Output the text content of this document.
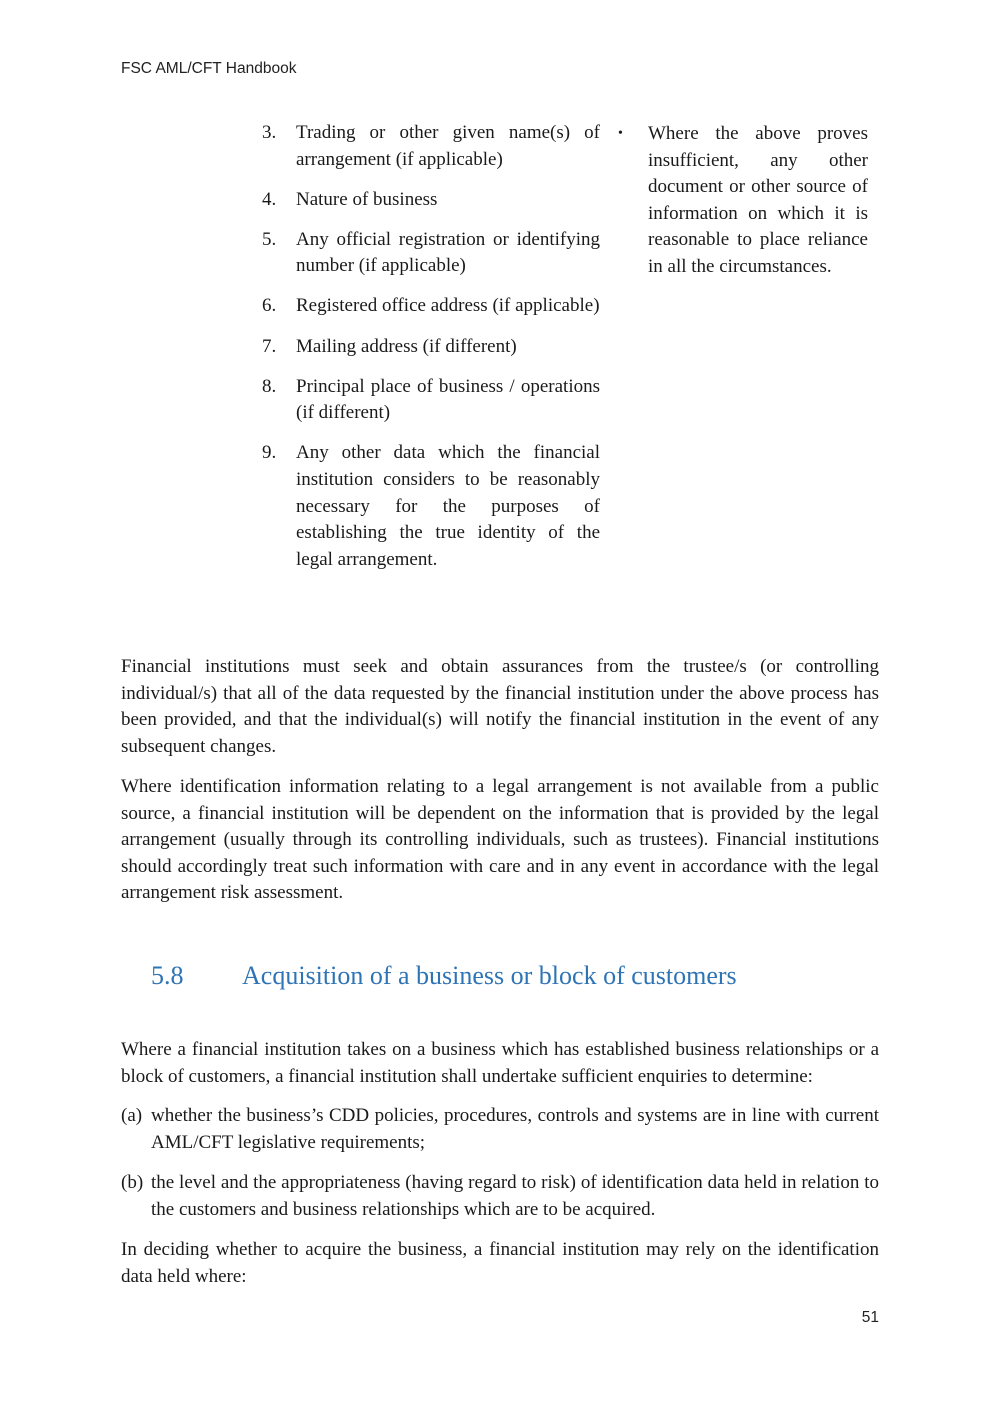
FSC AML/CFT Handbook
3.	Trading or other given name(s) of arrangement (if applicable)
4.	Nature of business
5.	Any official registration or identifying number (if applicable)
6.	Registered office address (if applicable)
7.	Mailing address (if different)
8.	Principal place of business / operations (if different)
9.	Any other data which the financial institution considers to be reasonably necessary for the purposes of establishing the true identity of the legal arrangement.
•	Where the above proves insufficient, any other document or other source of information on which it is reasonable to place reliance in all the circumstances.

Financial institutions must seek and obtain assurances from the trustee/s (or controlling individual/s) that all of the data requested by the financial institution under the above process has been provided, and that the individual(s) will notify the financial institution in the event of any subsequent changes.

Where identification information relating to a legal arrangement is not available from a public source, a financial institution will be dependent on the information that is provided by the legal arrangement (usually through its controlling individuals, such as trustees). Financial institutions should accordingly treat such information with care and in any event in accordance with the legal arrangement risk assessment.

5.8	Acquisition of a business or block of customers

Where a financial institution takes on a business which has established business relationships or a block of customers, a financial institution shall undertake sufficient enquiries to determine:

(a) whether the business’s CDD policies, procedures, controls and systems are in line with current AML/CFT legislative requirements;
(b) the level and the appropriateness (having regard to risk) of identification data held in relation to the customers and business relationships which are to be acquired.

In deciding whether to acquire the business, a financial institution may rely on the identification data held where:

51
